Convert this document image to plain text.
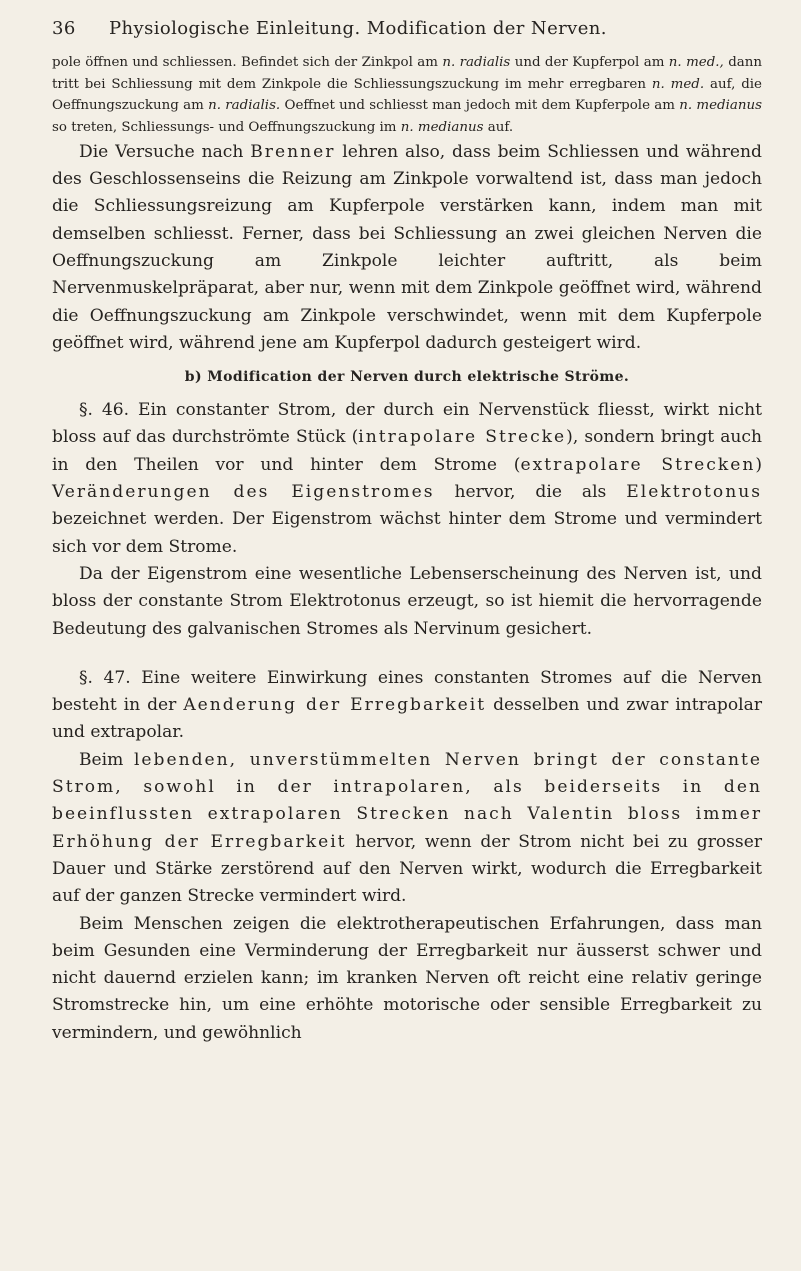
36 Physiologische Einleitung. Modification der Nerven.

pole öffnen und schliessen. Befindet sich der Zinkpol am n. radialis und der Kupferpol am n. med., dann tritt bei Schliessung mit dem Zinkpole die Schliessungszuckung im mehr erregbaren n. med. auf, die Oeffnungszuckung am n. radialis. Oeffnet und schliesst man jedoch mit dem Kupferpole am n. medianus so treten, Schliessungs- und Oeffnungszuckung im n. medianus auf.

Die Versuche nach Brenner lehren also, dass beim Schliessen und während des Geschlossenseins die Reizung am Zinkpole vorwaltend ist, dass man jedoch die Schliessungsreizung am Kupferpole verstärken kann, indem man mit demselben schliesst. Ferner, dass bei Schliessung an zwei gleichen Nerven die Oeffnungszuckung am Zinkpole leichter auftritt, als beim Nervenmuskelpräparat, aber nur, wenn mit dem Zinkpole geöffnet wird, während die Oeffnungszuckung am Zinkpole verschwindet, wenn mit dem Kupferpole geöffnet wird, während jene am Kupferpol dadurch gesteigert wird.

b) Modification der Nerven durch elektrische Ströme.

§. 46. Ein constanter Strom, der durch ein Nervenstück fliesst, wirkt nicht bloss auf das durchströmte Stück (intrapolare Strecke), sondern bringt auch in den Theilen vor und hinter dem Strome (extrapolare Strecken) Veränderungen des Eigenstromes hervor, die als Elektrotonus bezeichnet werden. Der Eigenstrom wächst hinter dem Strome und vermindert sich vor dem Strome.

Da der Eigenstrom eine wesentliche Lebenserscheinung des Nerven ist, und bloss der constante Strom Elektrotonus erzeugt, so ist hiemit die hervorragende Bedeutung des galvanischen Stromes als Nervinum gesichert.

§. 47. Eine weitere Einwirkung eines constanten Stromes auf die Nerven besteht in der Aenderung der Erregbarkeit desselben und zwar intrapolar und extrapolar.

Beim lebenden, unverstümmelten Nerven bringt der constante Strom, sowohl in der intrapolaren, als beiderseits in den beeinflussten extrapolaren Strecken nach Valentin bloss immer Erhöhung der Erregbarkeit hervor, wenn der Strom nicht bei zu grosser Dauer und Stärke zerstörend auf den Nerven wirkt, wodurch die Erregbarkeit auf der ganzen Strecke vermindert wird.

Beim Menschen zeigen die elektrotherapeutischen Erfahrungen, dass man beim Gesunden eine Verminderung der Erregbarkeit nur äusserst schwer und nicht dauernd erzielen kann; im kranken Nerven oft reicht eine relativ geringe Stromstrecke hin, um eine erhöhte motorische oder sensible Erregbarkeit zu vermindern, und gewöhnlich
